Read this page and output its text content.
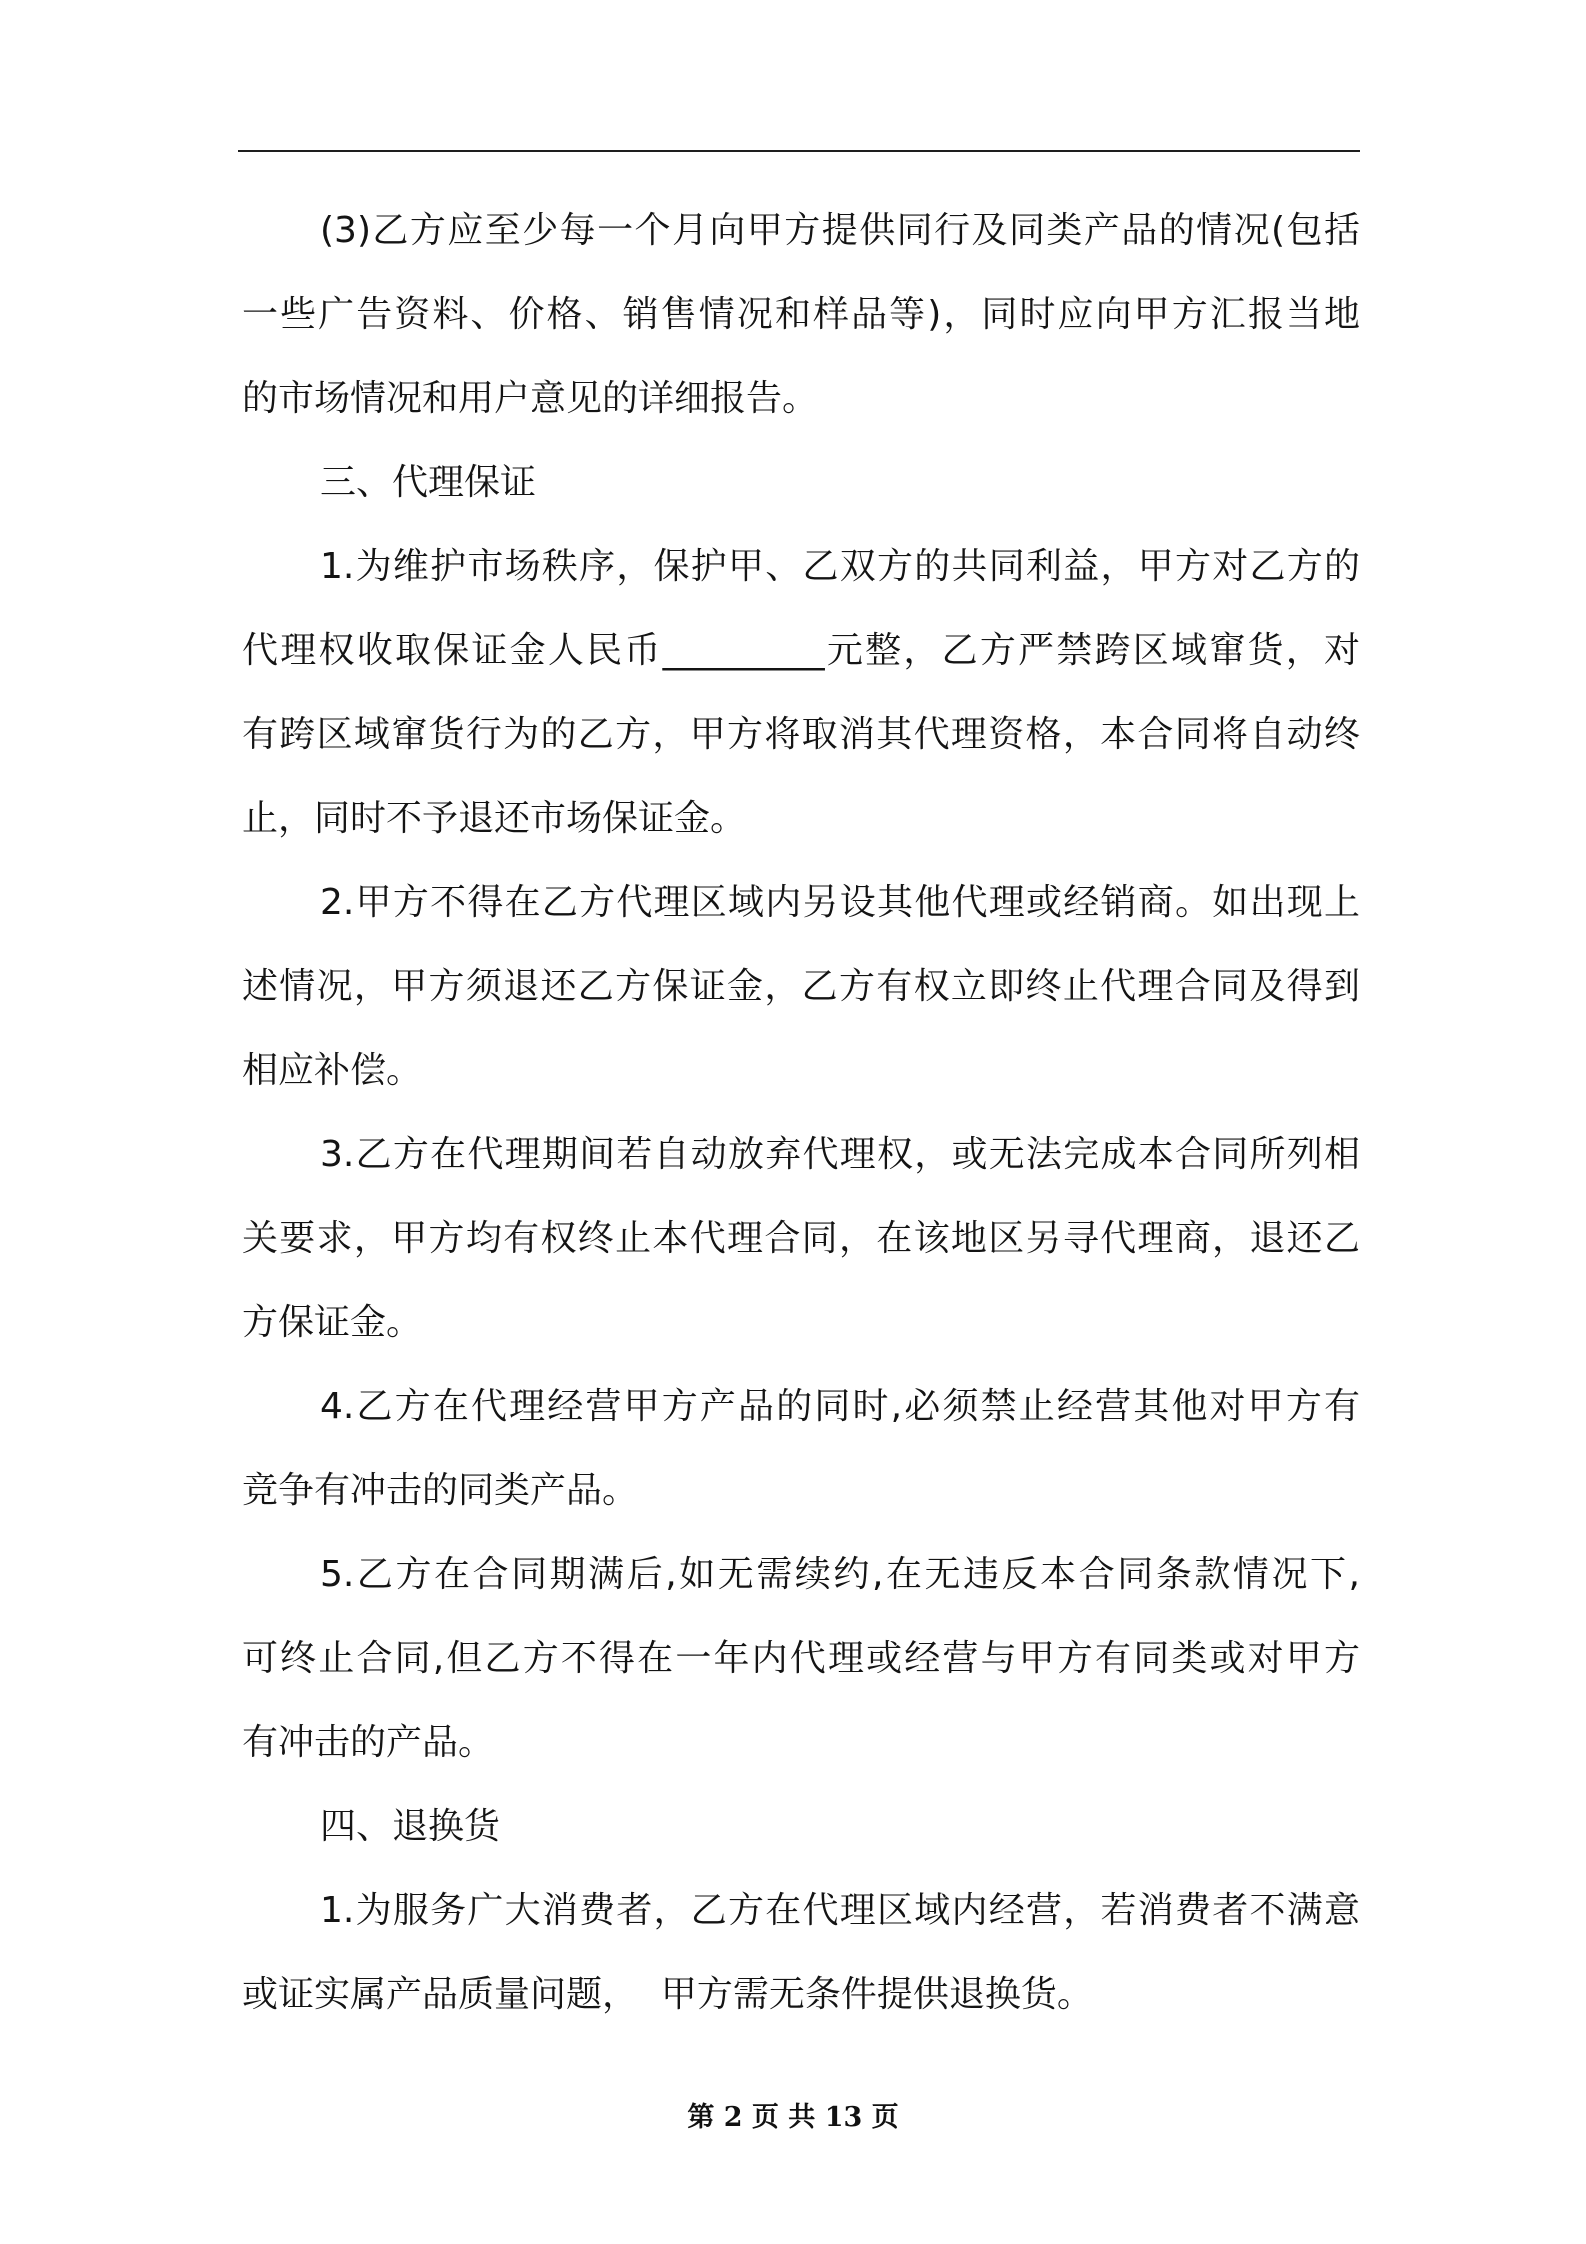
(3)乙方应至少每一个月向甲方提供同行及同类产品的情况(包括
一些广告资料、价格、销售情况和样品等)，同时应向甲方汇报当地
的市场情况和用户意见的详细报告。
三、代理保证
1.为维护市场秩序，保护甲、乙双方的共同利益，甲方对乙方的
代理权收取保证金人民币_________元整，乙方严禁跨区域窜货，对
有跨区域窜货行为的乙方，甲方将取消其代理资格，本合同将自动终
止，同时不予退还市场保证金。
2.甲方不得在乙方代理区域内另设其他代理或经销商。如出现上
述情况，甲方须退还乙方保证金，乙方有权立即终止代理合同及得到
相应补偿。
3.乙方在代理期间若自动放弃代理权，或无法完成本合同所列相
关要求，甲方均有权终止本代理合同，在该地区另寻代理商，退还乙
方保证金。
4.乙方在代理经营甲方产品的同时,必须禁止经营其他对甲方有
竞争有冲击的同类产品。
5.乙方在合同期满后,如无需续约,在无违反本合同条款情况下,
可终止合同,但乙方不得在一年内代理或经营与甲方有同类或对甲方
有冲击的产品。
四、退换货
1.为服务广大消费者，乙方在代理区域内经营，若消费者不满意
或证实属产品质量问题，  甲方需无条件提供退换货。
第 2 页 共 13 页
